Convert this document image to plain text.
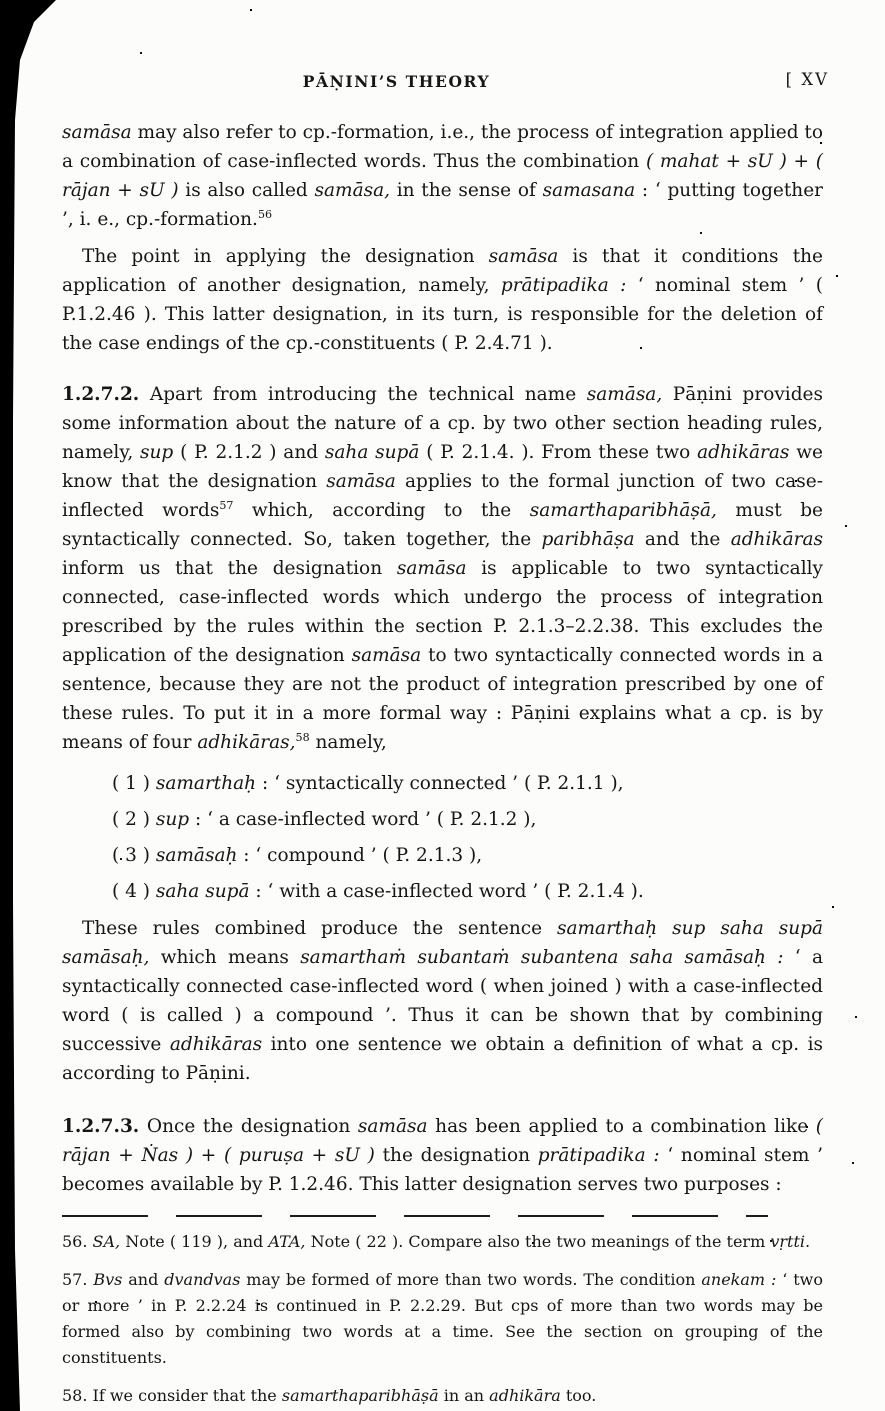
PĀṆINI’S THEORY	[ XV

samāsa may also refer to cp.-formation, i.e., the process of integration applied to a combination of case-inflected words. Thus the combination ( mahat + sU ) + ( rājan + sU ) is also called samāsa, in the sense of samasana : ‘ putting together ’, i. e., cp.-formation.$^{56}$

The point in applying the designation samāsa is that it conditions the application of another designation, namely, prātipadika : ‘ nominal stem ’ ( P.1.2.46 ). This latter designation, in its turn, is responsible for the deletion of the case endings of the cp.-constituents ( P. 2.4.71 ).

1.2.7.2. Apart from introducing the technical name samāsa, Pāṇini provides some information about the nature of a cp. by two other section heading rules, namely, sup ( P. 2.1.2 ) and saha supā ( P. 2.1.4. ). From these two adhikāras we know that the designation samāsa applies to the formal junction of two case-inflected words$^{57}$ which, according to the samarthaparibhāṣā, must be syntactically connected. So, taken together, the paribhāṣa and the adhikāras inform us that the designation samāsa is applicable to two syntactically connected, case-inflected words which undergo the process of integration prescribed by the rules within the section P. 2.1.3–2.2.38. This excludes the application of the designation samāsa to two syntactically connected words in a sentence, because they are not the product of integration prescribed by one of these rules. To put it in a more formal way : Pāṇini explains what a cp. is by means of four adhikāras,$^{58}$ namely,

( 1 ) samarthaḥ : ‘ syntactically connected ’ ( P. 2.1.1 ),

( 2 ) sup : ‘ a case-inflected word ’ ( P. 2.1.2 ),

( 3 ) samāsaḥ : ‘ compound ’ ( P. 2.1.3 ),

( 4 ) saha supā : ‘ with a case-inflected word ’ ( P. 2.1.4 ).

These rules combined produce the sentence samarthaḥ sup saha supā samāsaḥ, which means samarthaṁ subantaṁ subantena saha samāsaḥ : ‘ a syntactically connected case-inflected word ( when joined ) with a case-inflected word ( is called ) a compound ’. Thus it can be shown that by combining successive adhikāras into one sentence we obtain a definition of what a cp. is according to Pāṇini.

1.2.7.3. Once the designation samāsa has been applied to a combination like ( rājan + Ṅas ) + ( puruṣa + sU ) the designation prātipadika : ‘ nominal stem ’ becomes available by P. 1.2.46. This latter designation serves two purposes :

56. SA, Note ( 119 ), and ATA, Note ( 22 ). Compare also the two meanings of the term vṛtti.

57. Bvs and dvandvas may be formed of more than two words. The condition anekam : ‘ two or more ’ in P. 2.2.24 is continued in P. 2.2.29. But cps of more than two words may be formed also by combining two words at a time. See the section on grouping of the constituents.

58. If we consider that the samarthaparibhāṣā in an adhikāra too.
